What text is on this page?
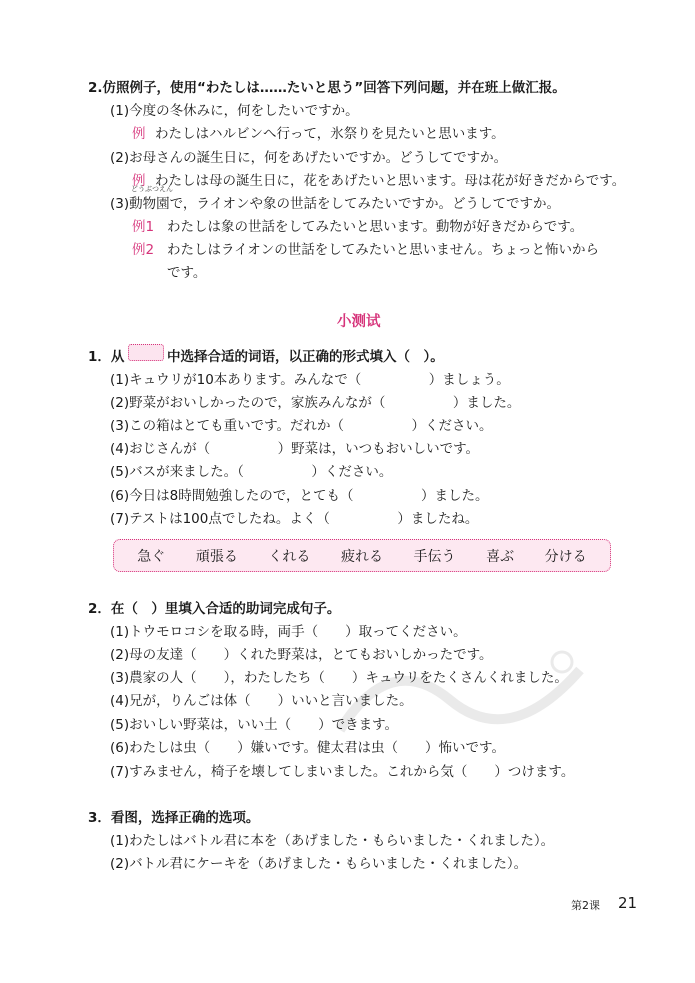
2.仿照例子，使用“わたしは……たいと思う”回答下列问题，并在班上做汇报。
(1)今度の冬休みに，何をしたいですか。
例 わたしはハルビンへ行って，氷祭りを見たいと思います。
(2)お母さんの誕生日に，何をあげたいですか。どうしてですか。
例 わたしは母の誕生日に，花をあげたいと思います。母は花が好きだからです。
どうぶつえん
(3)動物園で，ライオンや象の世話をしてみたいですか。どうしてですか。
例1 わたしは象の世話をしてみたいと思います。動物が好きだからです。
例2 わたしはライオンの世話をしてみたいと思いません。ちょっと怖いから
です。
小测试
1．从	中选择合适的词语，以正确的形式填入（　）。
(1)キュウリが10本あります。みんなで（　　　　　）ましょう。
(2)野菜がおいしかったので，家族みんなが（　　　　　）ました。
(3)この箱はとても重いです。だれか（　　　　　）ください。
(4)おじさんが（　　　　　）野菜は，いつもおいしいです。
(5)バスが来ました。（　　　　　）ください。
(6)今日は8時間勉強したので，とても（　　　　　）ました。
(7)テストは100点でしたね。よく（　　　　　）ましたね。
急ぐ 頑張る くれる 疲れる 手伝う 喜ぶ 分ける
2．在（　）里填入合适的助词完成句子。
(1)トウモロコシを取る時，両手（　　）取ってください。
(2)母の友達（　　）くれた野菜は，とてもおいしかったです。
(3)農家の人（　　），わたしたち（　　）キュウリをたくさんくれました。
(4)兄が，りんごは体（　　）いいと言いました。
(5)おいしい野菜は，いい土（　　）できます。
(6)わたしは虫（　　）嫌いです。健太君は虫（　　）怖いです。
(7)すみません，椅子を壊してしまいました。これから気（　　）つけます。
3．看图，选择正确的选项。
(1)わたしはバトル君に本を（あげました・もらいました・くれました）。
(2)バトル君にケーキを（あげました・もらいました・くれました）。
第2课 21
